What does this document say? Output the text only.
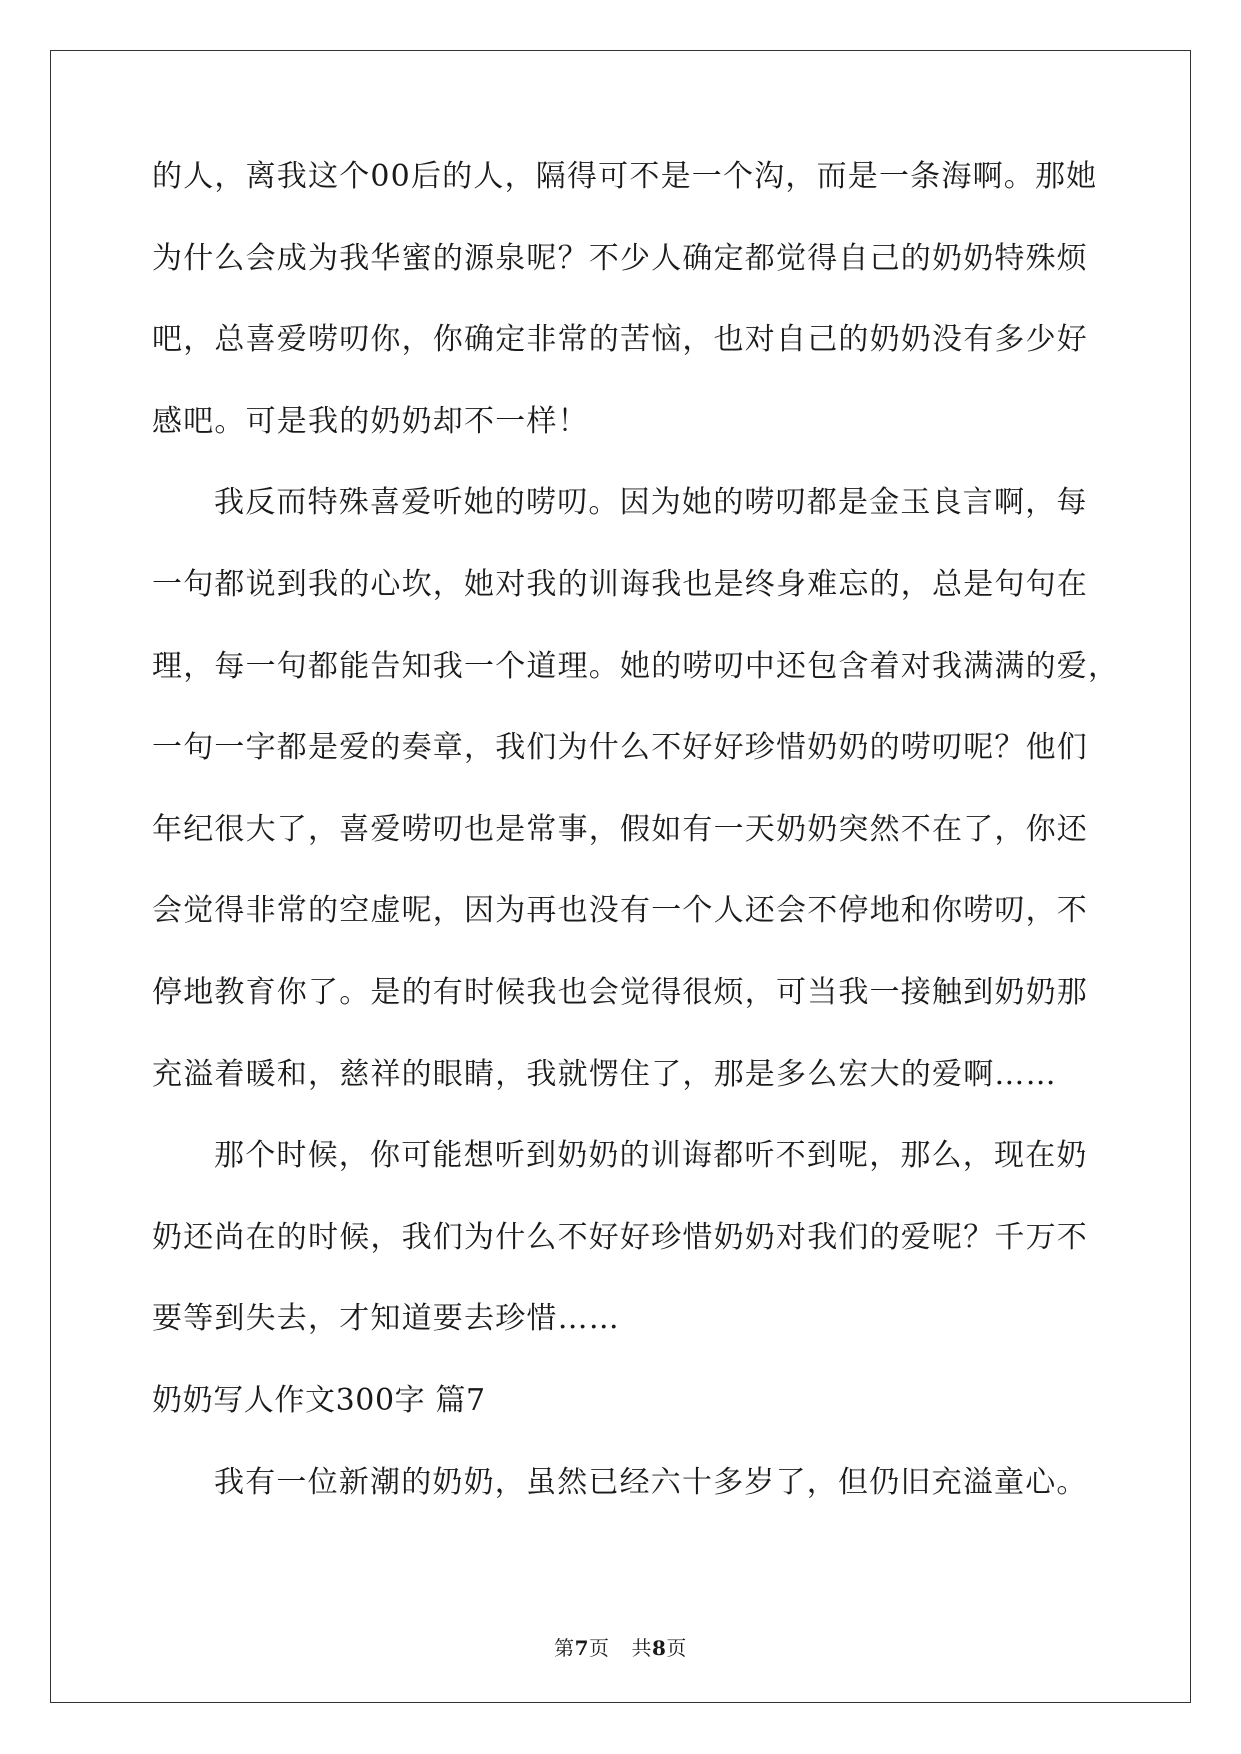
的人，离我这个00后的人，隔得可不是一个沟，而是一条海啊。那她
为什么会成为我华蜜的源泉呢？不少人确定都觉得自己的奶奶特殊烦
吧，总喜爱唠叨你，你确定非常的苦恼，也对自己的奶奶没有多少好
感吧。可是我的奶奶却不一样！
我反而特殊喜爱听她的唠叨。因为她的唠叨都是金玉良言啊，每
一句都说到我的心坎，她对我的训诲我也是终身难忘的，总是句句在
理，每一句都能告知我一个道理。她的唠叨中还包含着对我满满的爱，
一句一字都是爱的奏章，我们为什么不好好珍惜奶奶的唠叨呢？他们
年纪很大了，喜爱唠叨也是常事，假如有一天奶奶突然不在了，你还
会觉得非常的空虚呢，因为再也没有一个人还会不停地和你唠叨，不
停地教育你了。是的有时候我也会觉得很烦，可当我一接触到奶奶那
充溢着暖和，慈祥的眼睛，我就愣住了，那是多么宏大的爱啊……
那个时候，你可能想听到奶奶的训诲都听不到呢，那么，现在奶
奶还尚在的时候，我们为什么不好好珍惜奶奶对我们的爱呢？千万不
要等到失去，才知道要去珍惜……
奶奶写人作文300字 篇7
我有一位新潮的奶奶，虽然已经六十多岁了，但仍旧充溢童心。
第7页 共8页
